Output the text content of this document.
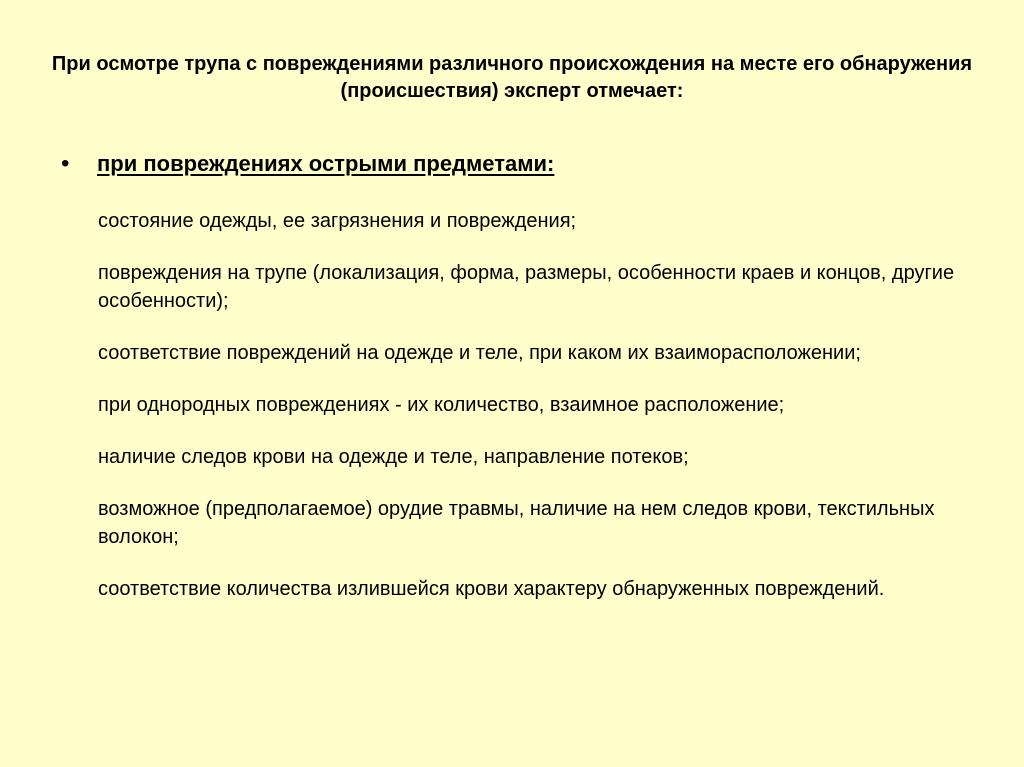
При осмотре трупа с повреждениями различного происхождения на месте его обнаружения (происшествия) эксперт отмечает:
• при повреждениях острыми предметами:
состояние одежды, ее загрязнения и повреждения;
повреждения на трупе (локализация, форма, размеры, особенности краев и концов, другие особенности);
соответствие повреждений на одежде и теле, при каком их взаиморасположении;
при однородных повреждениях - их количество, взаимное расположение;
наличие следов крови на одежде и теле, направление потеков;
возможное (предполагаемое) орудие травмы, наличие на нем следов крови, текстильных волокон;
соответствие количества излившейся крови характеру обнаруженных повреждений.
